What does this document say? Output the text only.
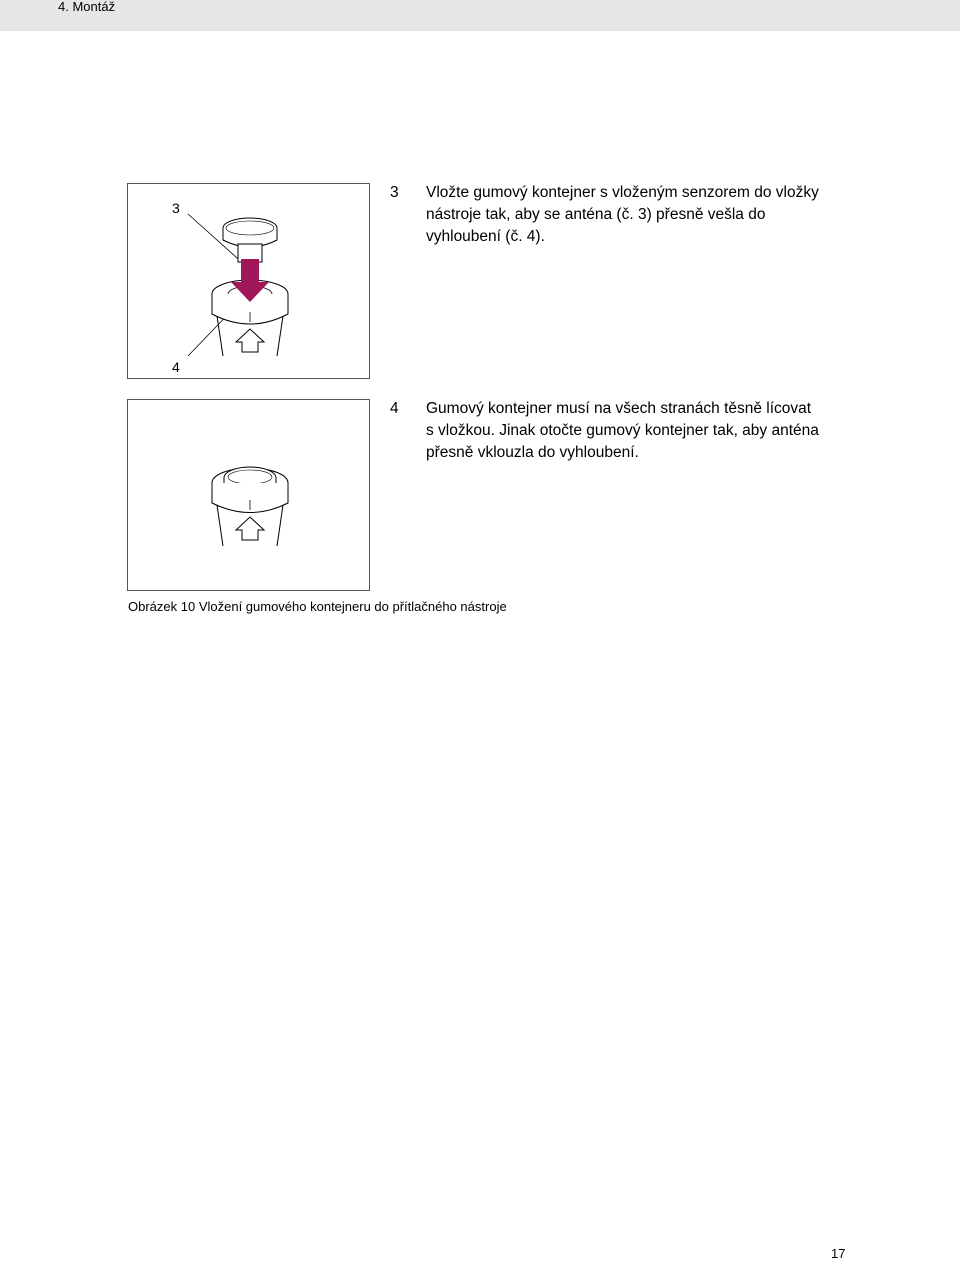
4. Montáž
3
4
3 Vložte gumový kontejner s vloženým senzorem do vložky
nástroje tak, aby se anténa (č. 3) přesně vešla do
vyhloubení (č. 4).
4 Gumový kontejner musí na všech stranách těsně lícovat
s vložkou. Jinak otočte gumový kontejner tak, aby anténa
přesně vklouzla do vyhloubení.
Obrázek 10 Vložení gumového kontejneru do přítlačného nástroje
17
